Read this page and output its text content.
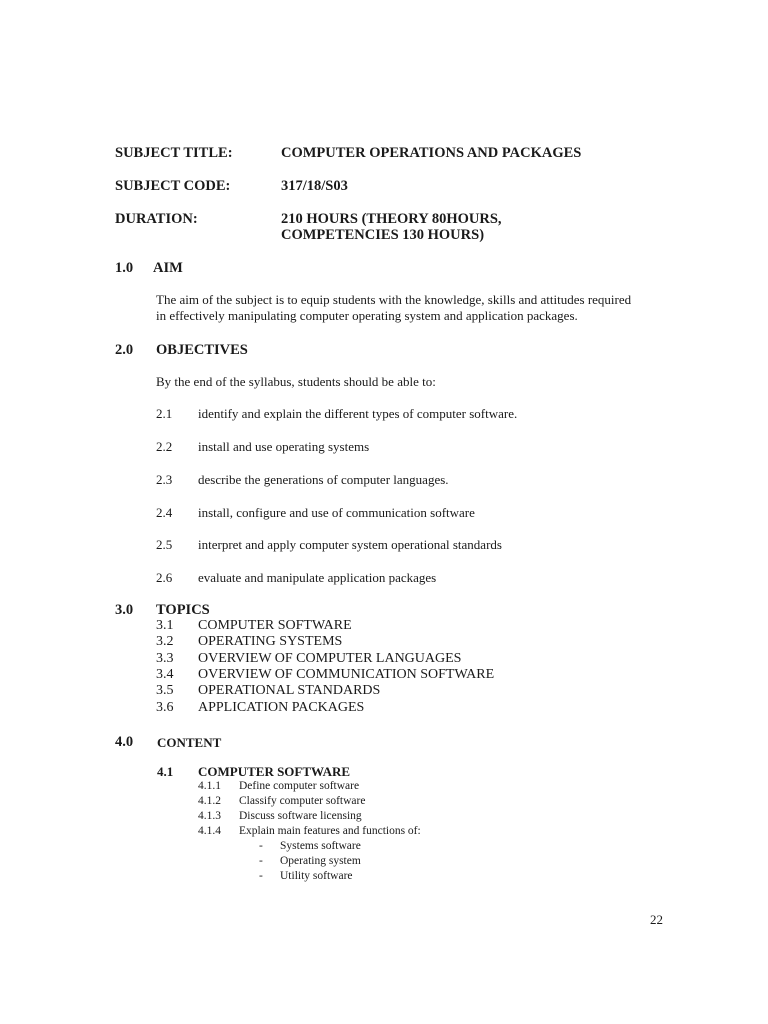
SUBJECT TITLE:	COMPUTER OPERATIONS AND PACKAGES
SUBJECT CODE:	317/18/S03
DURATION:	210 HOURS (THEORY 80HOURS,
COMPETENCIES 130 HOURS)
1.0 AIM
The aim of the subject is to equip students with the knowledge, skills and attitudes required
in effectively manipulating computer operating system and application packages.
2.0 OBJECTIVES
By the end of the syllabus, students should be able to:
2.1 identify and explain the different types of computer software.
2.2 install and use operating systems
2.3 describe the generations of computer languages.
2.4 install, configure and use of communication software
2.5 interpret and apply computer system operational standards
2.6 evaluate and manipulate application packages
3.0 TOPICS
3.1 COMPUTER SOFTWARE
3.2 OPERATING SYSTEMS
3.3 OVERVIEW OF COMPUTER LANGUAGES
3.4 OVERVIEW OF COMMUNICATION SOFTWARE
3.5 OPERATIONAL STANDARDS
3.6 APPLICATION PACKAGES
4.0 CONTENT
4.1 COMPUTER SOFTWARE
4.1.1 Define computer software
4.1.2 Classify computer software
4.1.3 Discuss software licensing
4.1.4 Explain main features and functions of:
- Systems software
- Operating system
- Utility software
22
